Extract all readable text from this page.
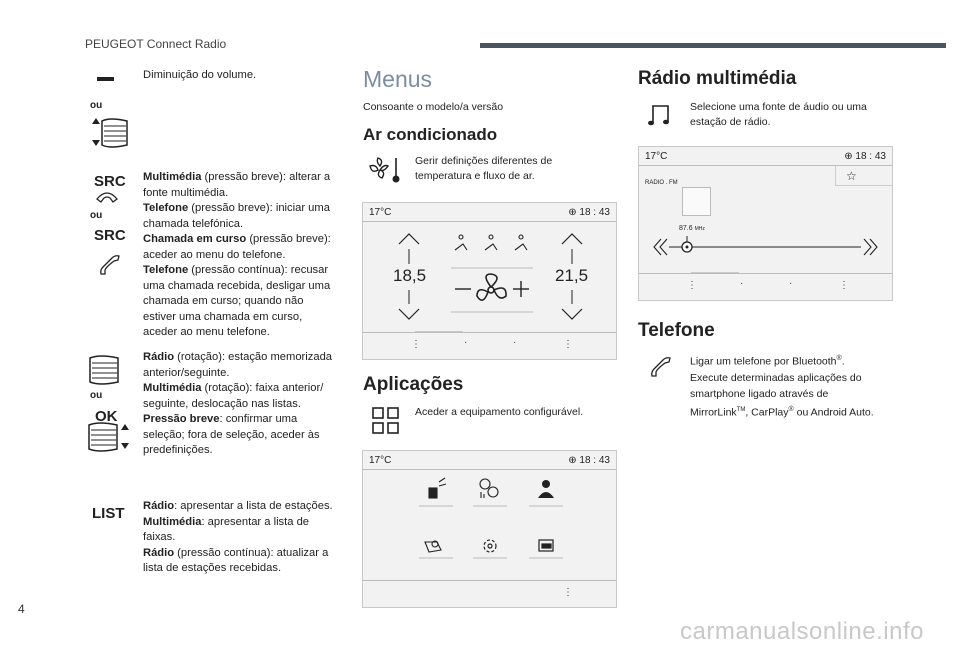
PEUGEOT Connect Radio
Diminuição do volume.
ou
SRC
ou
SRC
Multimédia (pressão breve): alterar a fonte multimédia.
Telefone (pressão breve): iniciar uma chamada telefónica.
Chamada em curso (pressão breve): aceder ao menu do telefone.
Telefone (pressão contínua): recusar uma chamada recebida, desligar uma chamada em curso; quando não estiver uma chamada em curso, aceder ao menu telefone.
ou
OK
Rádio (rotação): estação memorizada anterior/seguinte.
Multimédia (rotação): faixa anterior/ seguinte, deslocação nas listas.
Pressão breve: confirmar uma seleção; fora de seleção, aceder às predefinições.
LIST Rádio: apresentar a lista de estações.
Multimédia: apresentar a lista de faixas.
Rádio (pressão contínua): atualizar a lista de estações recebidas.
Menus
Consoante o modelo/a versão
Ar condicionado
Gerir definições diferentes de temperatura e fluxo de ar.
17°C	⊕ 18 : 43
18,5	21,5
⋮	·	·	⋮
Aplicações
Aceder a equipamento configurável.
17°C	⊕ 18 : 43
⋮
Rádio multimédia
Selecione uma fonte de áudio ou uma estação de rádio.
17°C	⊕ 18 : 43
RADIO . FM	☆
87.6 MHz
⋮	·	·	⋮
Telefone
Ligar um telefone por Bluetooth®. Execute determinadas aplicações do smartphone ligado através de MirrorLink™, CarPlay® ou Android Auto.
4
carmanualsonline.info
